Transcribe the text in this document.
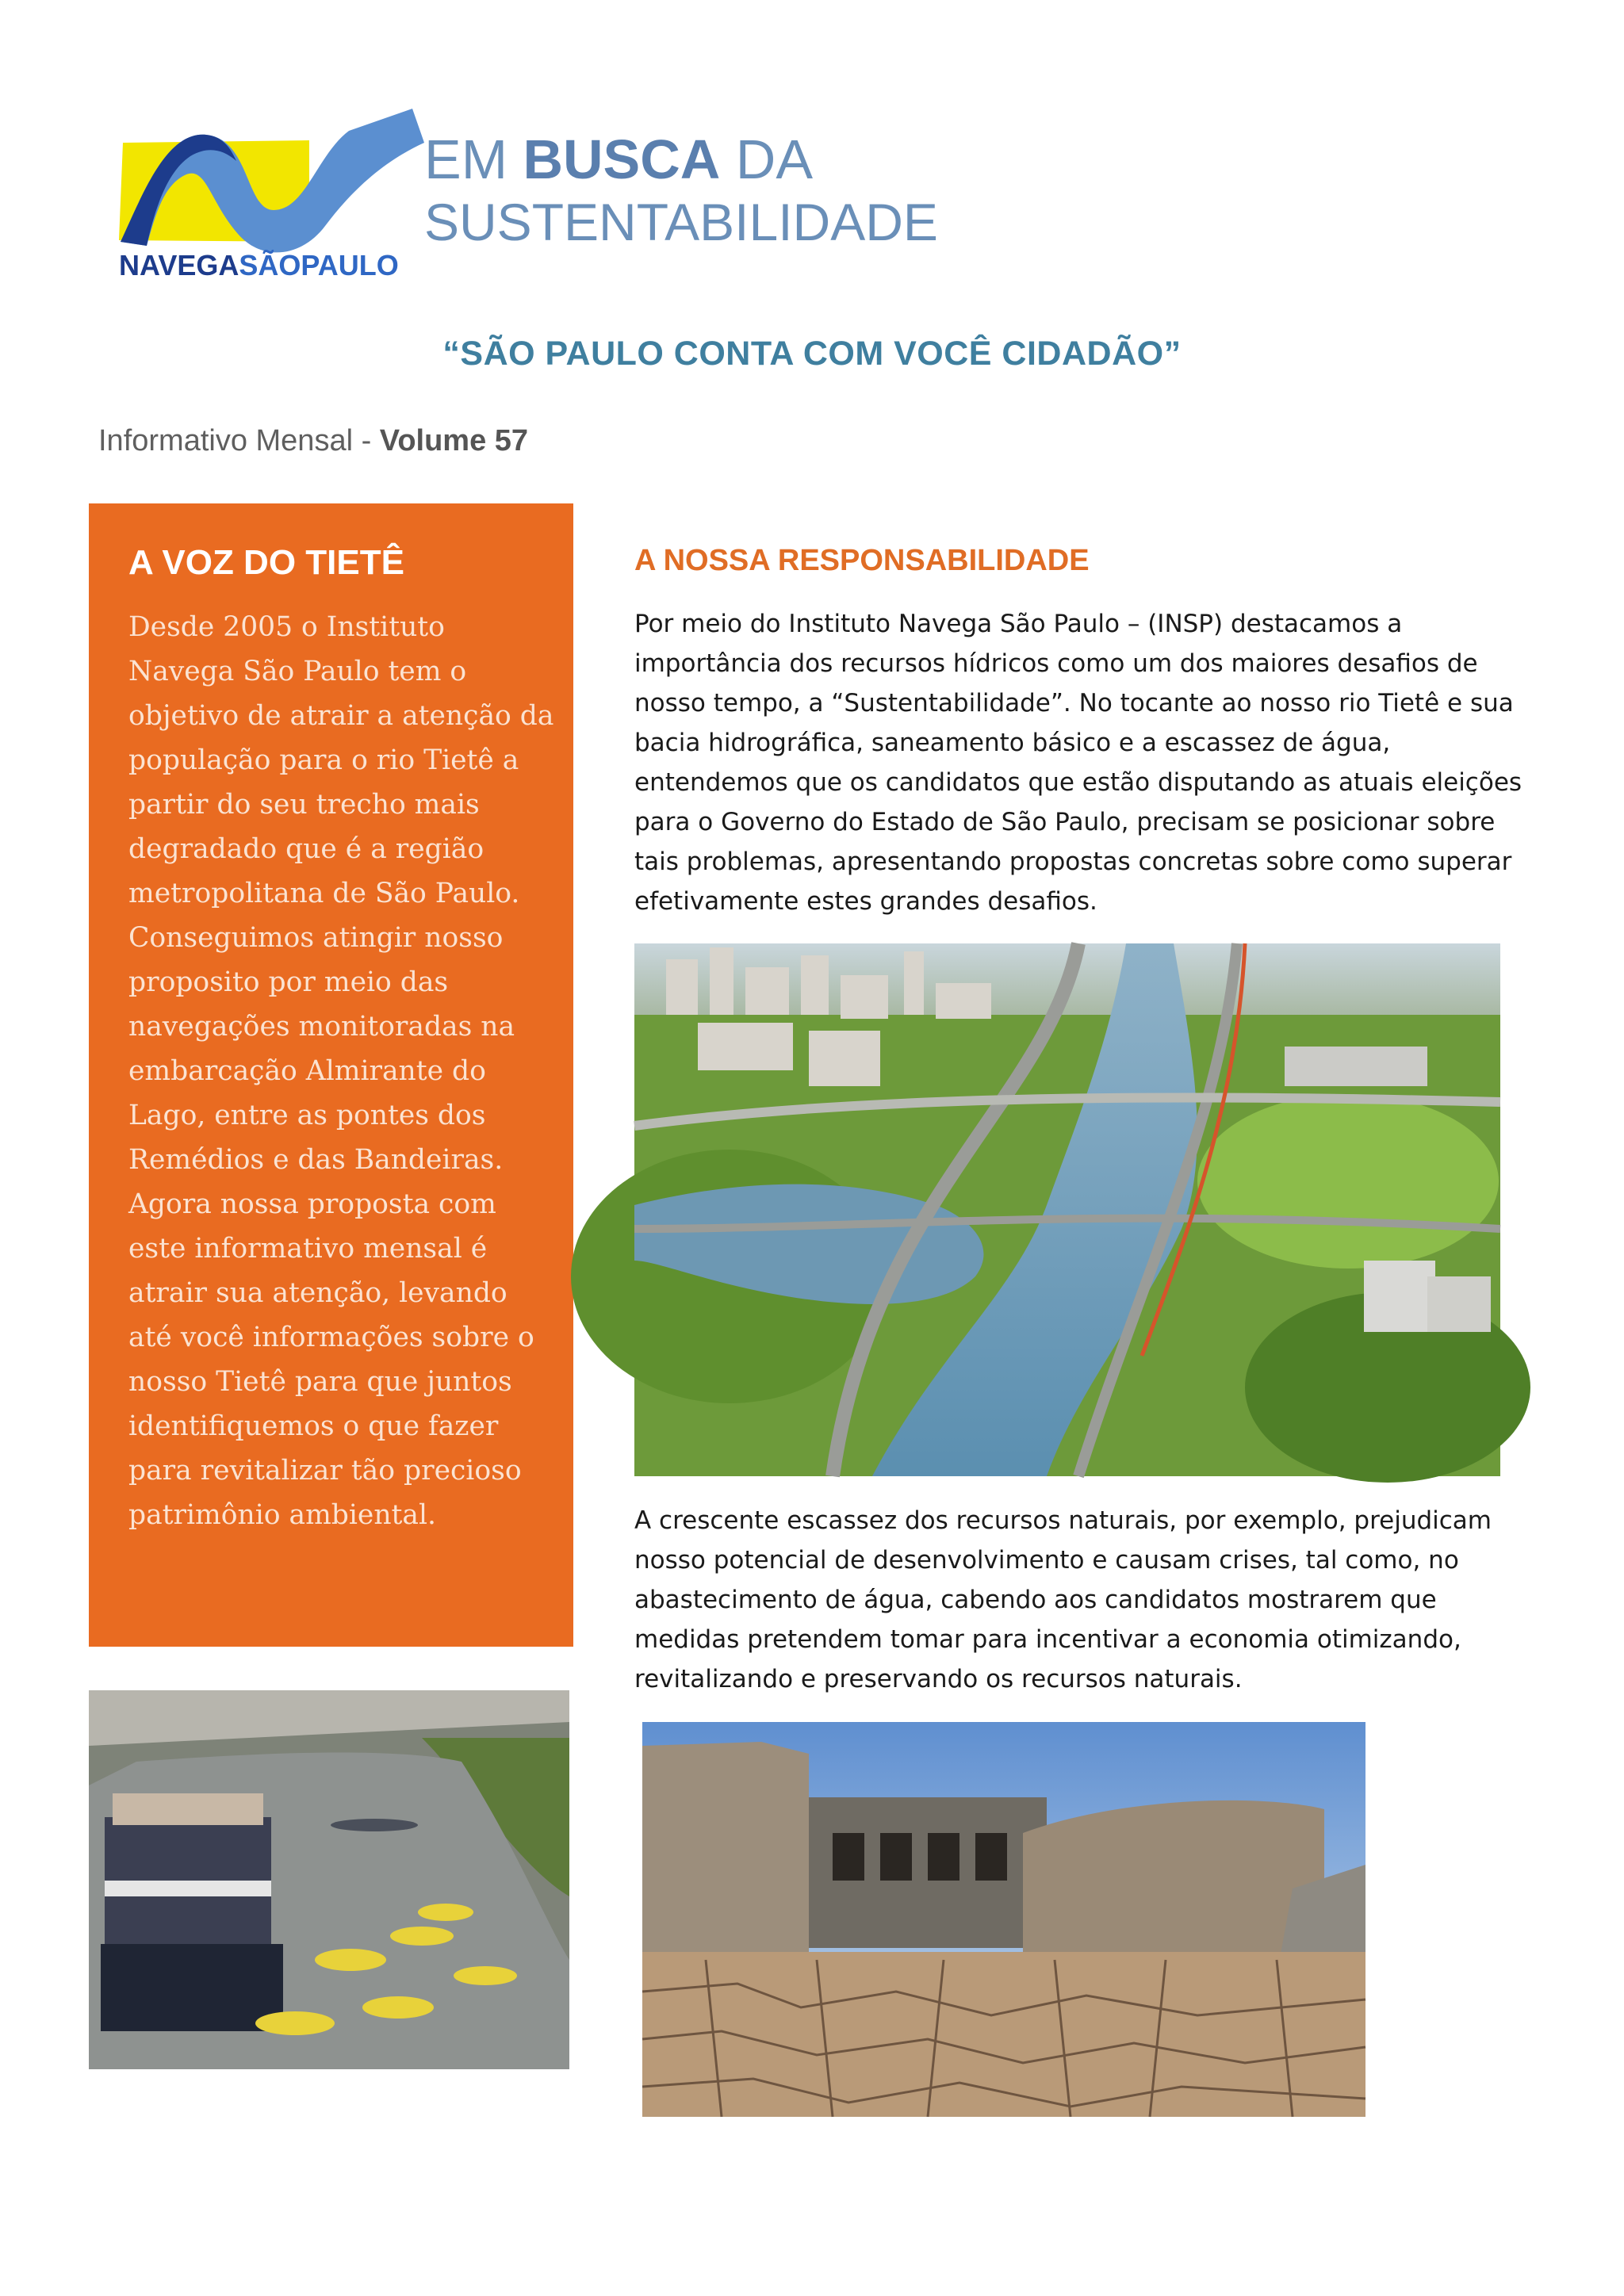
NAVEGASÃOPAULO
EM BUSCA DA
SUSTENTABILIDADE
“SÃO PAULO CONTA COM VOCÊ CIDADÃO”
Informativo Mensal - Volume 57
A VOZ DO TIETÊ

Desde 2005 o Instituto Navega São Paulo tem o objetivo de atrair a atenção da população para o rio Tietê a partir do seu trecho mais degradado que é a região metropolitana de São Paulo. Conseguimos atingir nosso proposito por meio das navegações monitoradas na embarcação Almirante do Lago, entre as pontes dos Remédios e das Bandeiras. Agora nossa proposta com este informativo mensal é atrair sua atenção, levando até você informações sobre o nosso Tietê para que juntos identifiquemos o que fazer para revitalizar tão precioso patrimônio ambiental.

A NOSSA RESPONSABILIDADE

Por meio do Instituto Navega São Paulo – (INSP) destacamos a importância dos recursos hídricos como um dos maiores desafios de nosso tempo, a “Sustentabilidade”. No tocante ao nosso rio Tietê e sua bacia hidrográfica, saneamento básico e a escassez de água, entendemos que os candidatos que estão disputando as atuais eleições para o Governo do Estado de São Paulo, precisam se posicionar sobre tais problemas, apresentando propostas concretas sobre como superar efetivamente estes grandes desafios.

A crescente escassez dos recursos naturais, por exemplo, prejudicam nosso potencial de desenvolvimento e causam crises, tal como, no abastecimento de água, cabendo aos candidatos mostrarem que medidas pretendem tomar para incentivar a economia otimizando, revitalizando e preservando os recursos naturais.
